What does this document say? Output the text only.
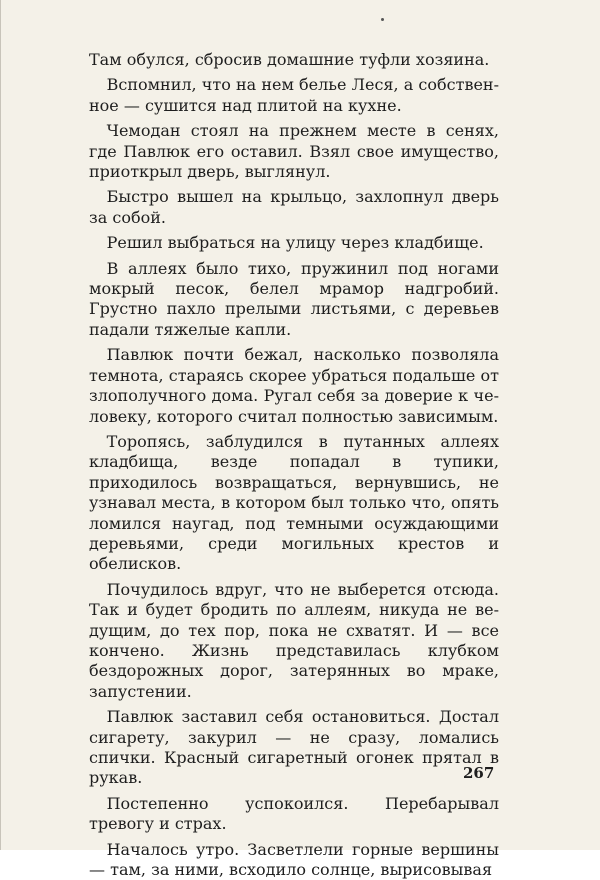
Там обулся, сбросив домашние туфли хозяина.

Вспомнил, что на нем белье Леся, а собственное — сушится над плитой на кухне.

Чемодан стоял на прежнем месте в сенях, где Павлюк его оставил. Взял свое имущество, приоткрыл дверь, выглянул.

Быстро вышел на крыльцо, захлопнул дверь за собой.

Решил выбраться на улицу через кладбище.

В аллеях было тихо, пружинил под ногами мокрый песок, белел мрамор надгробий. Грустно пахло прелыми листьями, с деревьев падали тяжелые капли.

Павлюк почти бежал, насколько позволяла темнота, стараясь скорее убраться подальше от злополучного дома. Ругал себя за доверие к человеку, которого считал полностью зависимым.

Торопясь, заблудился в путанных аллеях кладбища, везде попадал в тупики, приходилось возвращаться, вернувшись, не узнавал места, в котором был только что, опять ломился наугад, под темными осуждающими деревьями, среди могильных крестов и обелисков.

Почудилось вдруг, что не выберется отсюда. Так и будет бродить по аллеям, никуда не ведущим, до тех пор, пока не схватят. И — все кончено. Жизнь представилась клубком бездорожных дорог, затерянных во мраке, запустении.

Павлюк заставил себя остановиться. Достал сигарету, закурил — не сразу, ломались спички. Красный сигаретный огонек прятал в рукав.

Постепенно успокоился. Перебарывал тревогу и страх.

Началось утро. Засветлели горные вершины — там, за ними, всходило солнце, вырисовывая

267
